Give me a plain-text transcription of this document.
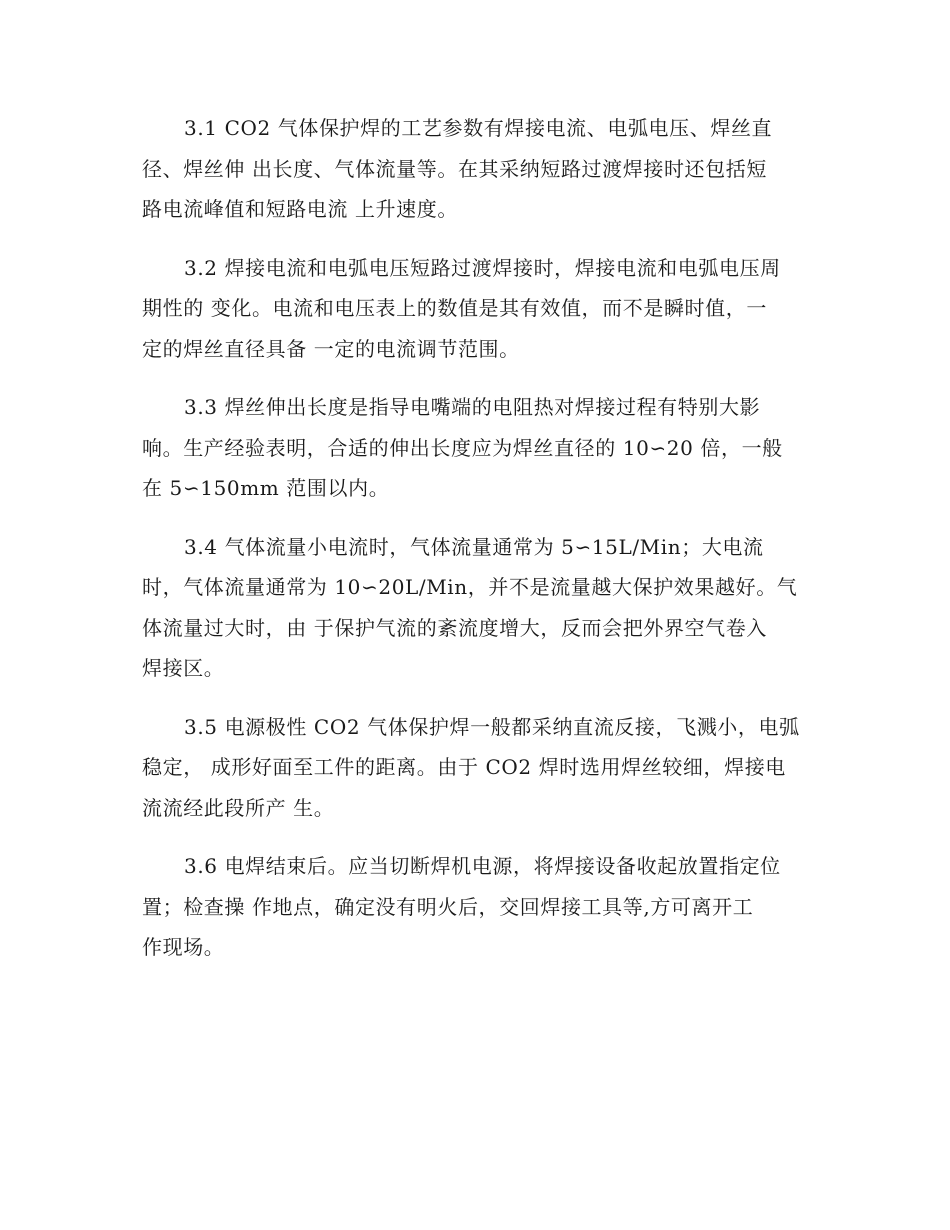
3.1 CO2 气体保护焊的工艺参数有焊接电流、电弧电压、焊丝直
径、焊丝伸 出长度、气体流量等。在其采纳短路过渡焊接时还包括短
路电流峰值和短路电流 上升速度。

3.2 焊接电流和电弧电压短路过渡焊接时，焊接电流和电弧电压周
期性的 变化。电流和电压表上的数值是其有效值，而不是瞬时值，一
定的焊丝直径具备 一定的电流调节范围。

3.3 焊丝伸出长度是指导电嘴端的电阻热对焊接过程有特别大影
响。生产经验表明，合适的伸出长度应为焊丝直径的 10∽20 倍，一般
在 5∽150mm 范围以内。

3.4 气体流量小电流时，气体流量通常为 5∽15L/Min；大电流
时，气体流量通常为 10∽20L/Min，并不是流量越大保护效果越好。气
体流量过大时，由 于保护气流的紊流度增大，反而会把外界空气卷入
焊接区。

3.5 电源极性 CO2 气体保护焊一般都采纳直流反接，飞溅小，电弧
稳定， 成形好面至工件的距离。由于 CO2 焊时选用焊丝较细，焊接电
流流经此段所产 生。

3.6 电焊结束后。应当切断焊机电源，将焊接设备收起放置指定位
置；检查操 作地点，确定没有明火后，交回焊接工具等,方可离开工
作现场。
